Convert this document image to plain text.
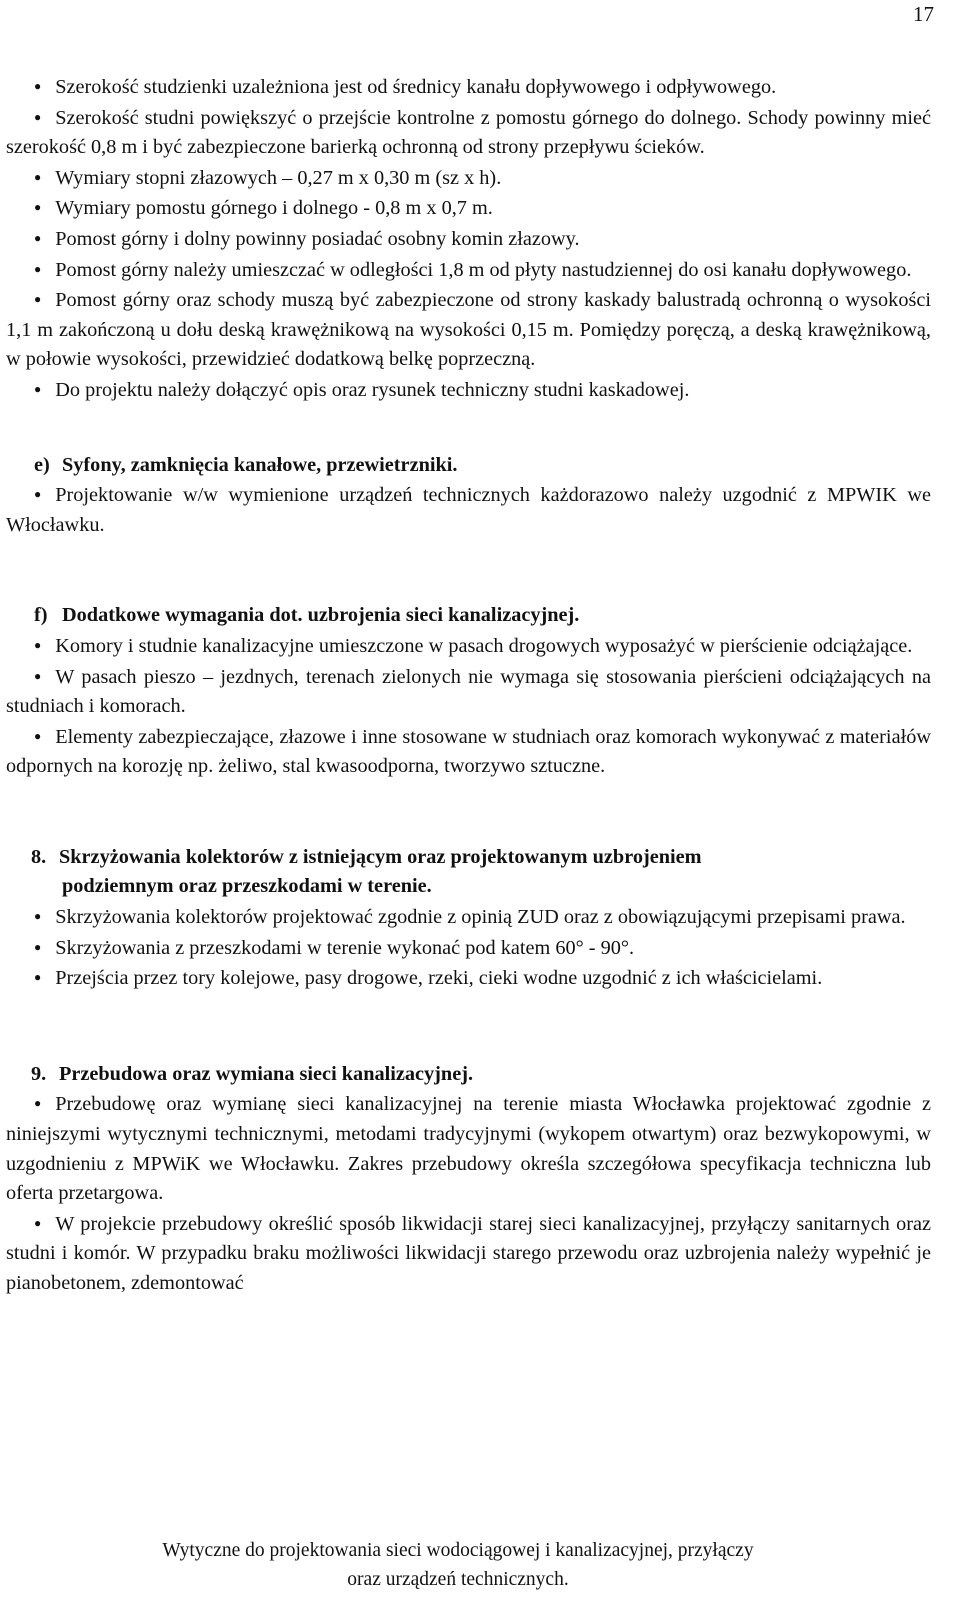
17

● Szerokość studzienki uzależniona jest od średnicy kanału dopływowego i odpływowego.

● Szerokość studni powiększyć o przejście kontrolne z pomostu górnego do dolnego. Schody powinny mieć szerokość 0,8 m i być zabezpieczone barierką ochronną od strony przepływu ścieków.

● Wymiary stopni złazowych – 0,27 m x 0,30 m (sz x h).

● Wymiary pomostu górnego i dolnego - 0,8 m x 0,7 m.

● Pomost górny i dolny powinny posiadać osobny komin złazowy.

● Pomost górny należy umieszczać w odległości 1,8 m od płyty nastudziennej do osi kanału dopływowego.

● Pomost górny oraz schody muszą być zabezpieczone od strony kaskady balustradą ochronną o wysokości 1,1 m zakończoną u dołu deską krawężnikową na wysokości 0,15 m. Pomiędzy poręczą, a deską krawężnikową, w połowie wysokości, przewidzieć dodatkową belkę poprzeczną.

● Do projektu należy dołączyć opis oraz rysunek techniczny studni kaskadowej.

e) Syfony, zamknięcia kanałowe, przewietrzniki.

● Projektowanie w/w wymienione urządzeń technicznych każdorazowo należy uzgodnić z MPWIK we Włocławku.

f) Dodatkowe wymagania dot. uzbrojenia sieci kanalizacyjnej.

● Komory i studnie kanalizacyjne umieszczone w pasach drogowych wyposażyć w pierścienie odciążające.

● W pasach pieszo – jezdnych, terenach zielonych nie wymaga się stosowania pierścieni odciążających na studniach i komorach.

● Elementy zabezpieczające, złazowe i inne stosowane w studniach oraz komorach wykonywać z materiałów odpornych na korozję np. żeliwo, stal kwasoodporna, tworzywo sztuczne.

8. Skrzyżowania kolektorów z istniejącym oraz projektowanym uzbrojeniem

podziemnym oraz przeszkodami w terenie.

● Skrzyżowania kolektorów projektować zgodnie z opinią ZUD oraz z obowiązującymi przepisami prawa.

● Skrzyżowania z przeszkodami w terenie wykonać pod katem 60° - 90°.

● Przejścia przez tory kolejowe, pasy drogowe, rzeki, cieki wodne uzgodnić z ich właścicielami.

9. Przebudowa oraz wymiana sieci kanalizacyjnej.

● Przebudowę oraz wymianę sieci kanalizacyjnej na terenie miasta Włocławka projektować zgodnie z niniejszymi wytycznymi technicznymi, metodami tradycyjnymi (wykopem otwartym) oraz bezwykopowymi, w uzgodnieniu z MPWiK we Włocławku. Zakres przebudowy określa szczegółowa specyfikacja techniczna lub oferta przetargowa.

● W projekcie przebudowy określić sposób likwidacji starej sieci kanalizacyjnej, przyłączy sanitarnych oraz studni i komór. W przypadku braku możliwości likwidacji starego przewodu oraz uzbrojenia należy wypełnić je pianobetonem, zdemontować

Wytyczne do projektowania sieci wodociągowej i kanalizacyjnej, przyłączy
oraz urządzeń technicznych.
